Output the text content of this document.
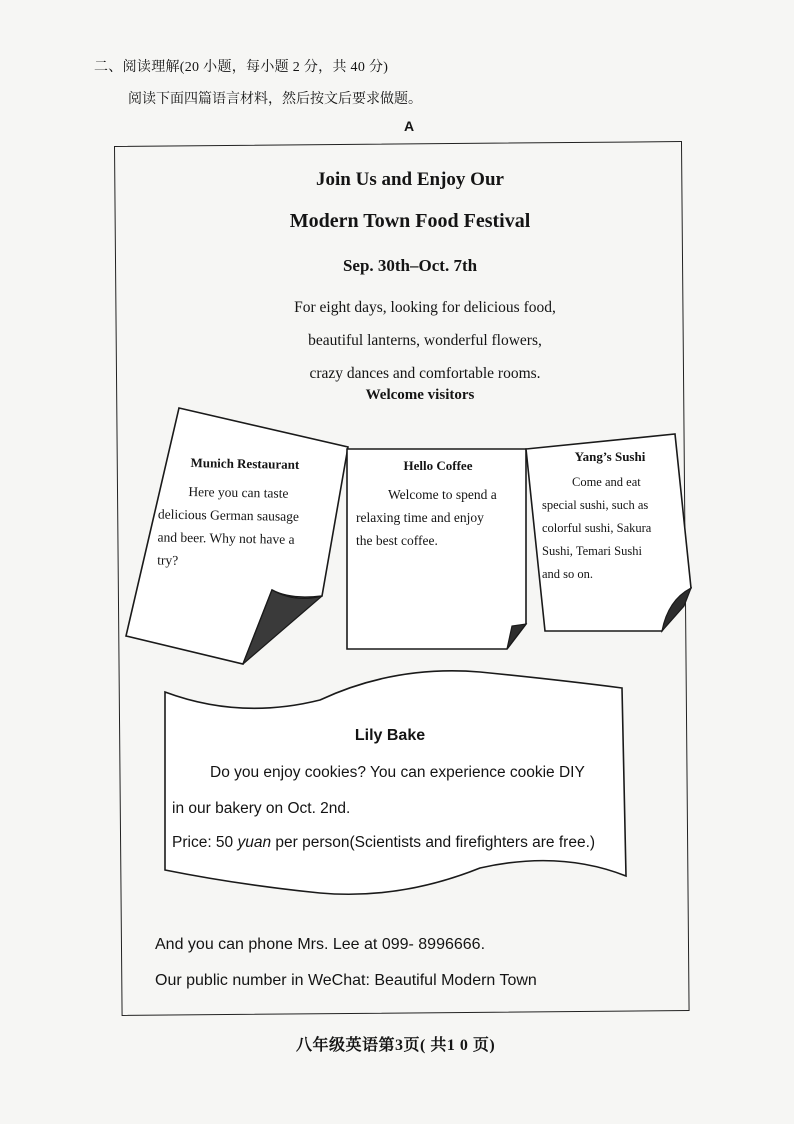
二、阅读理解(20 小题，每小题 2 分，共 40 分)
阅读下面四篇语言材料，然后按文后要求做题。
A
Join Us and Enjoy Our
Modern Town Food Festival
Sep. 30th–Oct. 7th
For eight days, looking for delicious food,
beautiful lanterns, wonderful flowers,
crazy dances and comfortable rooms.
Welcome visitors
Munich Restaurant
Here you can taste
delicious German sausage
and beer. Why not have a
try?
Hello Coffee
Welcome to spend a
relaxing time and enjoy
the best coffee.
Yang’s Sushi
Come and eat
special sushi, such as
colorful sushi, Sakura
Sushi, Temari Sushi
and so on.
Lily Bake
Do you enjoy cookies? You can experience cookie DIY
in our bakery on Oct. 2nd.
Price: 50 yuan per person(Scientists and firefighters are free.)
And you can phone Mrs. Lee at 099- 8996666.
Our public number in WeChat: Beautiful Modern Town
八年级英语第3页( 共1 0 页)
